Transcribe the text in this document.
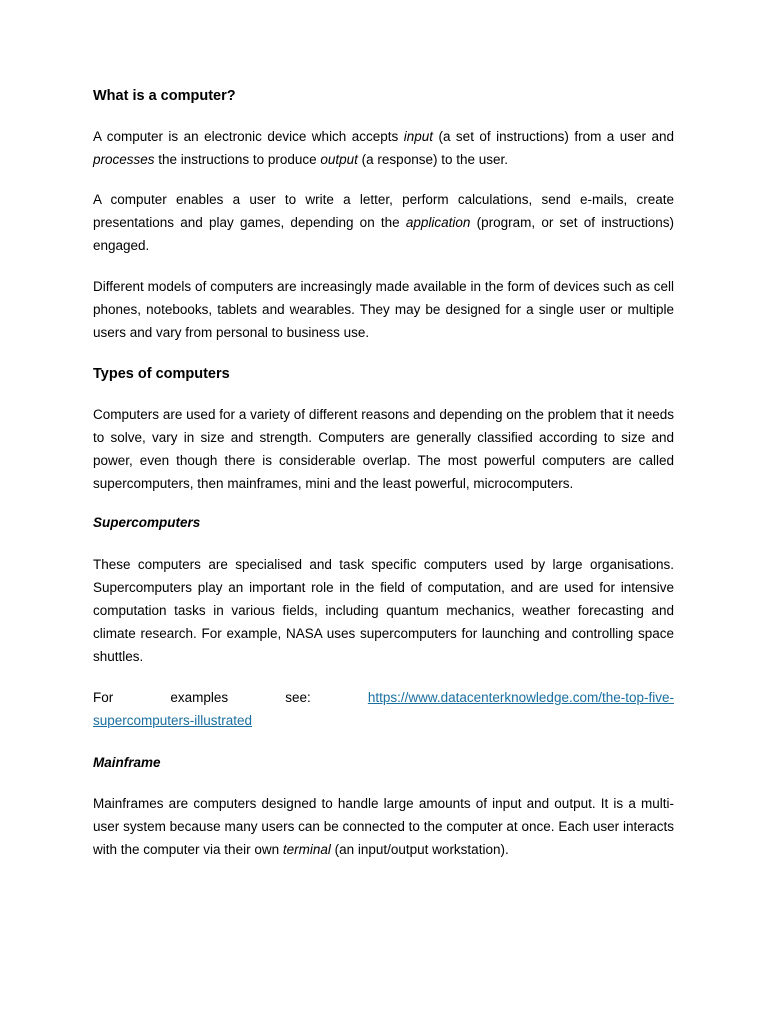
What is a computer?

A computer is an electronic device which accepts input (a set of instructions) from a user and processes the instructions to produce output (a response) to the user.

A computer enables a user to write a letter, perform calculations, send e-mails, create presentations and play games, depending on the application (program, or set of instructions) engaged.

Different models of computers are increasingly made available in the form of devices such as cell phones, notebooks, tablets and wearables. They may be designed for a single user or multiple users and vary from personal to business use.

Types of computers

Computers are used for a variety of different reasons and depending on the problem that it needs to solve, vary in size and strength. Computers are generally classified according to size and power, even though there is considerable overlap. The most powerful computers are called supercomputers, then mainframes, mini and the least powerful, microcomputers.

Supercomputers

These computers are specialised and task specific computers used by large organisations. Supercomputers play an important role in the field of computation, and are used for intensive computation tasks in various fields, including quantum mechanics, weather forecasting and climate research. For example, NASA uses supercomputers for launching and controlling space shuttles.

For	examples	see:	https://www.datacenterknowledge.com/the-top-five-
supercomputers-illustrated
Mainframe

Mainframes are computers designed to handle large amounts of input and output. It is a multi-user system because many users can be connected to the computer at once. Each user interacts with the computer via their own terminal (an input/output workstation).
